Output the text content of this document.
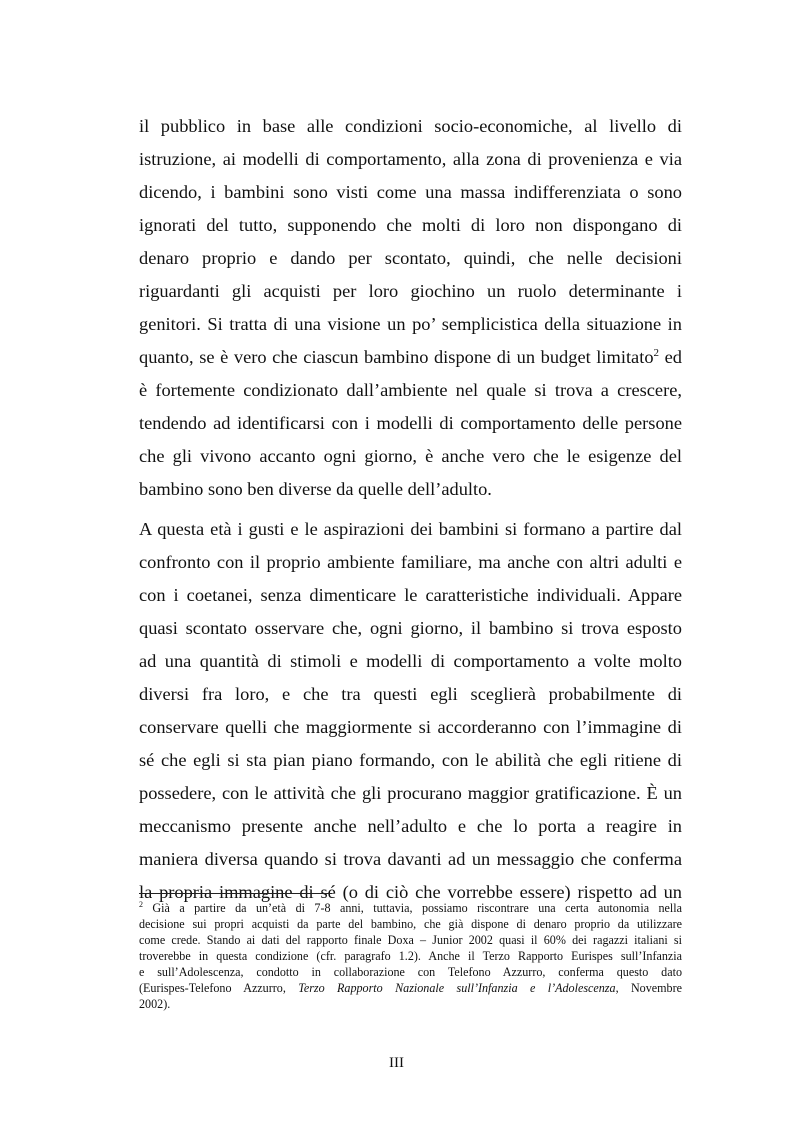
il pubblico in base alle condizioni socio-economiche, al livello di
istruzione, ai modelli di comportamento, alla zona di provenienza e via
dicendo, i bambini sono visti come una massa indifferenziata o sono
ignorati del tutto, supponendo che molti di loro non dispongano di
denaro proprio e dando per scontato, quindi, che nelle decisioni
riguardanti gli acquisti per loro giochino un ruolo determinante i
genitori. Si tratta di una visione un po’ semplicistica della situazione in
quanto, se è vero che ciascun bambino dispone di un budget limitato$^2$ ed
è fortemente condizionato dall’ambiente nel quale si trova a crescere,
tendendo ad identificarsi con i modelli di comportamento delle persone
che gli vivono accanto ogni giorno, è anche vero che le esigenze del
bambino sono ben diverse da quelle dell’adulto.
A questa età i gusti e le aspirazioni dei bambini si formano a partire dal
confronto con il proprio ambiente familiare, ma anche con altri adulti e
con i coetanei, senza dimenticare le caratteristiche individuali. Appare
quasi scontato osservare che, ogni giorno, il bambino si trova esposto
ad una quantità di stimoli e modelli di comportamento a volte molto
diversi fra loro, e che tra questi egli sceglierà probabilmente di
conservare quelli che maggiormente si accorderanno con l’immagine di
sé che egli si sta pian piano formando, con le abilità che egli ritiene di
possedere, con le attività che gli procurano maggior gratificazione. È un
meccanismo presente anche nell’adulto e che lo porta a reagire in
maniera diversa quando si trova davanti ad un messaggio che conferma
la propria immagine di sé (o di ciò che vorrebbe essere) rispetto ad un
$^2$ Già a partire da un’età di 7-8 anni, tuttavia, possiamo riscontrare una certa autonomia nella
decisione sui propri acquisti da parte del bambino, che già dispone di denaro proprio da utilizzare
come crede. Stando ai dati del rapporto finale Doxa – Junior 2002 quasi il 60% dei ragazzi italiani si
troverebbe in questa condizione (cfr. paragrafo 1.2). Anche il Terzo Rapporto Eurispes sull’Infanzia
e sull’Adolescenza, condotto in collaborazione con Telefono Azzurro, conferma questo dato
(Eurispes-Telefono Azzurro, Terzo Rapporto Nazionale sull’Infanzia e l’Adolescenza, Novembre
2002).
III
